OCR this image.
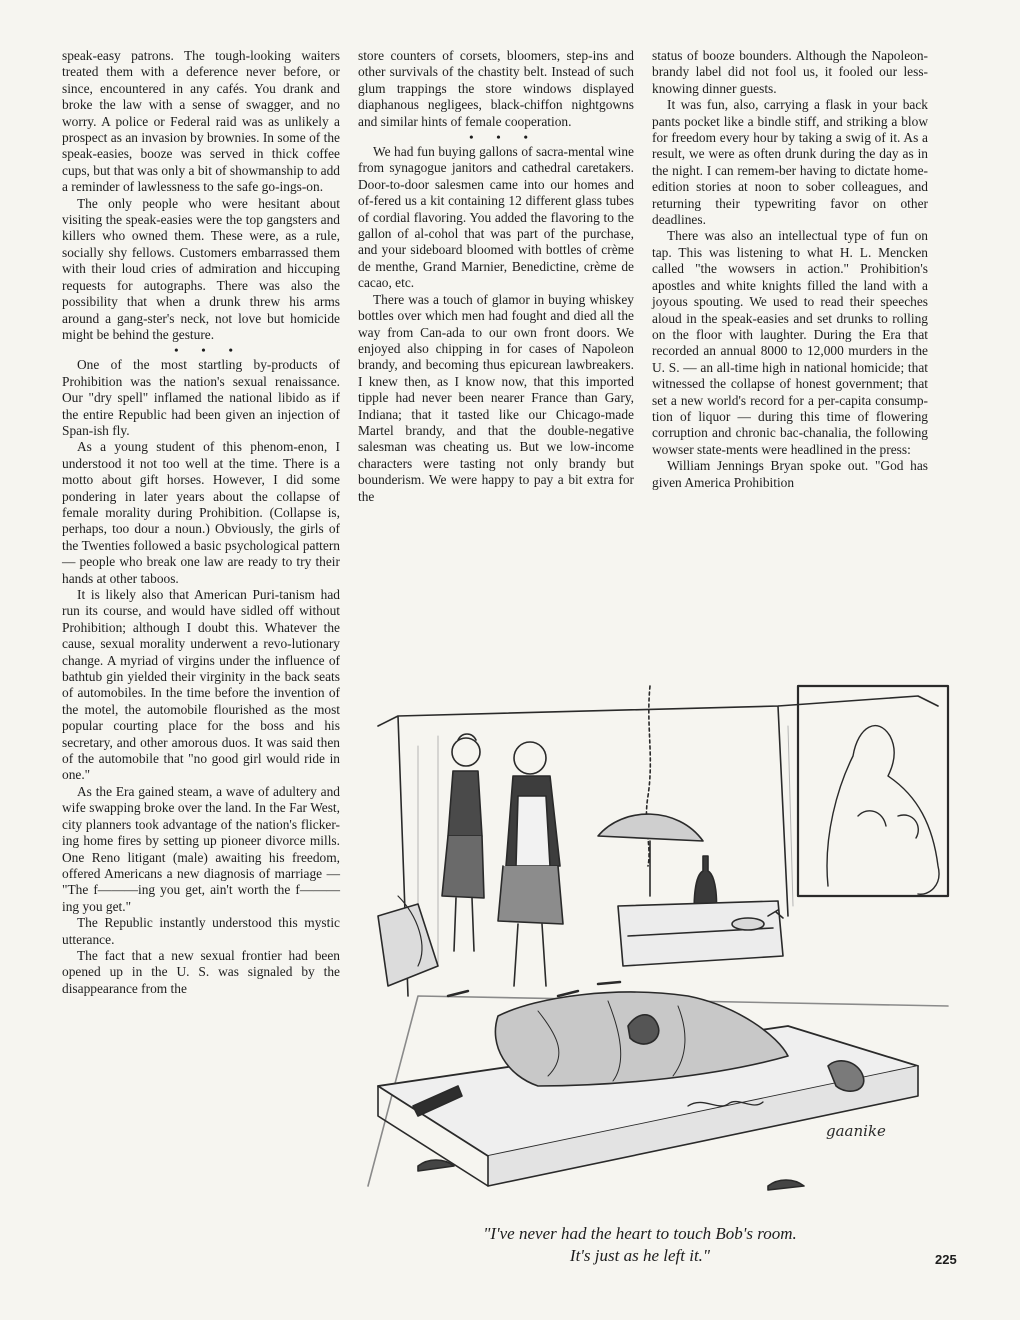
speak-easy patrons. The tough-looking waiters treated them with a deference never before, or since, encountered in any cafés. You drank and broke the law with a sense of swagger, and no worry. A police or Federal raid was as unlikely a prospect as an invasion by brownies. In some of the speak-easies, booze was served in thick coffee cups, but that was only a bit of showmanship to add a reminder of lawlessness to the safe go-ings-on.

The only people who were hesitant about visiting the speak-easies were the top gangsters and killers who owned them. These were, as a rule, socially shy fellows. Customers embarrassed them with their loud cries of admiration and hiccuping requests for autographs. There was also the possibility that when a drunk threw his arms around a gang-ster's neck, not love but homicide might be behind the gesture.

• • •

One of the most startling by-products of Prohibition was the nation's sexual renaissance. Our "dry spell" inflamed the national libido as if the entire Republic had been given an injection of Span-ish fly.

As a young student of this phenom-enon, I understood it not too well at the time. There is a motto about gift horses. However, I did some pondering in later years about the collapse of female morality during Prohibition. (Collapse is, perhaps, too dour a noun.) Obviously, the girls of the Twenties followed a basic psychological pattern — people who break one law are ready to try their hands at other taboos.

It is likely also that American Puri-tanism had run its course, and would have sidled off without Prohibition; although I doubt this. Whatever the cause, sexual morality underwent a revo-lutionary change. A myriad of virgins under the influence of bathtub gin yielded their virginity in the back seats of automobiles. In the time before the invention of the motel, the automobile flourished as the most popular courting place for the boss and his secretary, and other amorous duos. It was said then of the automobile that "no good girl would ride in one."

As the Era gained steam, a wave of adultery and wife swapping broke over the land. In the Far West, city planners took advantage of the nation's flicker-ing home fires by setting up pioneer divorce mills. One Reno litigant (male) awaiting his freedom, offered Americans a new diagnosis of marriage — "The f———ing you get, ain't worth the f———ing you get."

The Republic instantly understood this mystic utterance.

The fact that a new sexual frontier had been opened up in the U. S. was signaled by the disappearance from the

store counters of corsets, bloomers, step-ins and other survivals of the chastity belt. Instead of such glum trappings the store windows displayed diaphanous negligees, black-chiffon nightgowns and similar hints of female cooperation.

• • •

We had fun buying gallons of sacra-mental wine from synagogue janitors and cathedral caretakers. Door-to-door salesmen came into our homes and of-fered us a kit containing 12 different glass tubes of cordial flavoring. You added the flavoring to the gallon of al-cohol that was part of the purchase, and your sideboard bloomed with bottles of crème de menthe, Grand Marnier, Benedictine, crème de cacao, etc.

There was a touch of glamor in buying whiskey bottles over which men had fought and died all the way from Can-ada to our own front doors. We enjoyed also chipping in for cases of Napoleon brandy, and becoming thus epicurean lawbreakers. I knew then, as I know now, that this imported tipple had never been nearer France than Gary, Indiana; that it tasted like our Chicago-made Martel brandy, and that the double-negative salesman was cheating us. But we low-income characters were tasting not only brandy but bounderism. We were happy to pay a bit extra for the

status of booze bounders. Although the Napoleon-brandy label did not fool us, it fooled our less-knowing dinner guests.

It was fun, also, carrying a flask in your back pants pocket like a bindle stiff, and striking a blow for freedom every hour by taking a swig of it. As a result, we were as often drunk during the day as in the night. I can remem-ber having to dictate home-edition stories at noon to sober colleagues, and returning their typewriting favor on other deadlines.

There was also an intellectual type of fun on tap. This was listening to what H. L. Mencken called "the wowsers in action." Prohibition's apostles and white knights filled the land with a joyous spouting. We used to read their speeches aloud in the speak-easies and set drunks to rolling on the floor with laughter. During the Era that recorded an annual 8000 to 12,000 murders in the U. S. — an all-time high in national homicide; that witnessed the collapse of honest government; that set a new world's record for a per-capita consump-tion of liquor — during this time of flowering corruption and chronic bac-chanalia, the following wowser state-ments were headlined in the press:

William Jennings Bryan spoke out. "God has given America Prohibition

gaanike
"I've never had the heart to touch Bob's room.
It's just as he left it."	225
